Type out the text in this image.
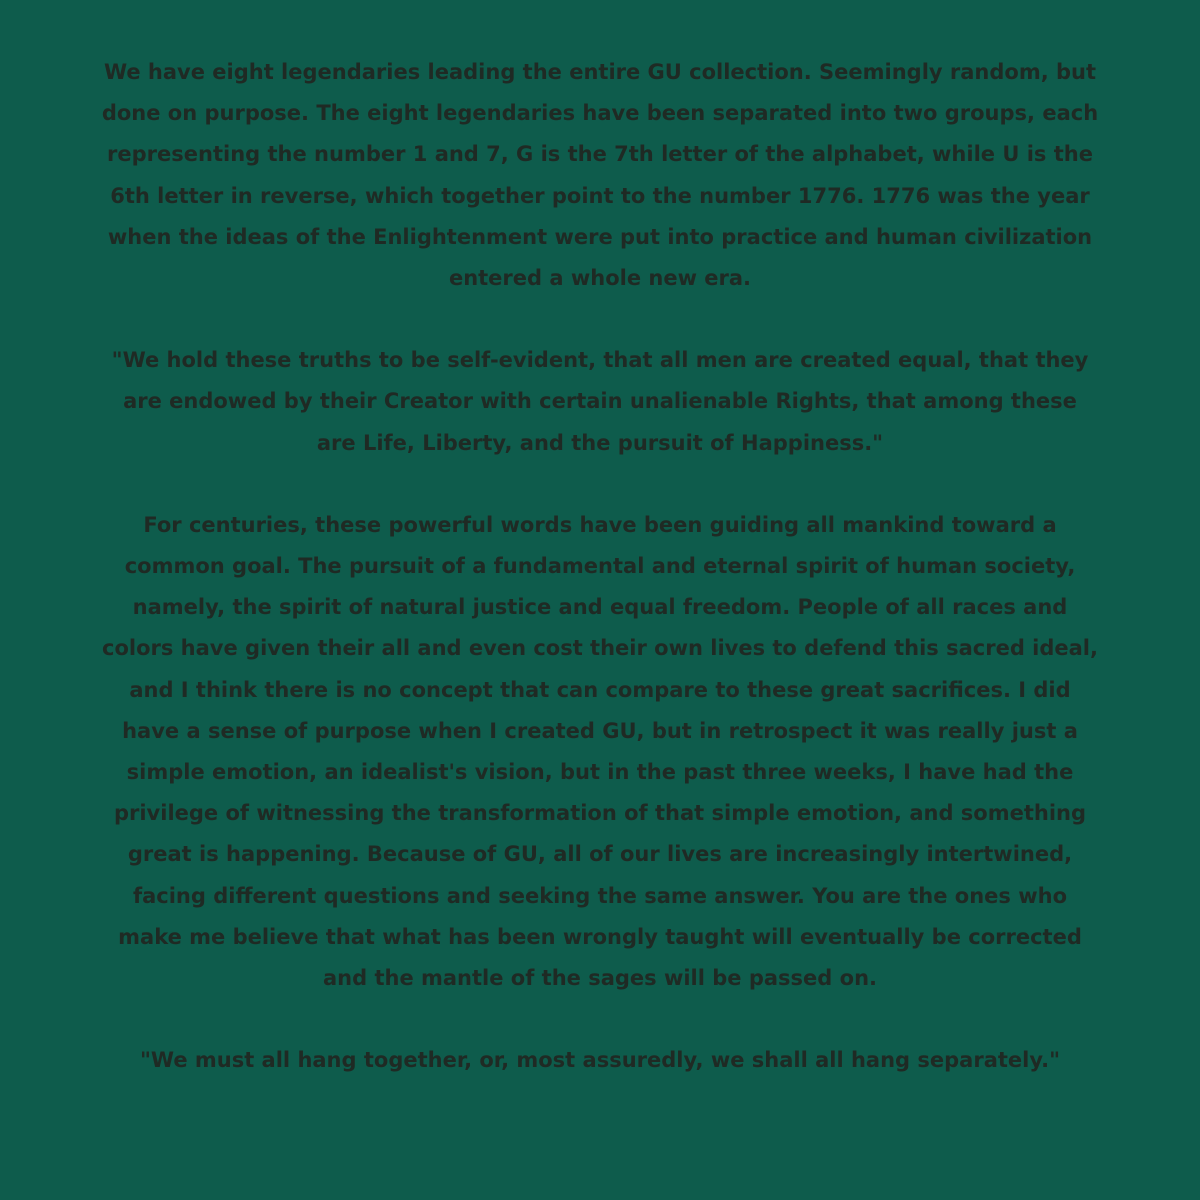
We have eight legendaries leading the entire GU collection. Seemingly random, but
done on purpose. The eight legendaries have been separated into two groups, each
representing the number 1 and 7, G is the 7th letter of the alphabet, while U is the
6th letter in reverse, which together point to the number 1776. 1776 was the year
when the ideas of the Enlightenment were put into practice and human civilization
entered a whole new era.

"We hold these truths to be self-evident, that all men are created equal, that they
are endowed by their Creator with certain unalienable Rights, that among these
are Life, Liberty, and the pursuit of Happiness."

For centuries, these powerful words have been guiding all mankind toward a
common goal. The pursuit of a fundamental and eternal spirit of human society,
namely, the spirit of natural justice and equal freedom. People of all races and
colors have given their all and even cost their own lives to defend this sacred ideal,
and I think there is no concept that can compare to these great sacrifices. I did
have a sense of purpose when I created GU, but in retrospect it was really just a
simple emotion, an idealist's vision, but in the past three weeks, I have had the
privilege of witnessing the transformation of that simple emotion, and something
great is happening. Because of GU, all of our lives are increasingly intertwined,
facing different questions and seeking the same answer. You are the ones who
make me believe that what has been wrongly taught will eventually be corrected
and the mantle of the sages will be passed on.

"We must all hang together, or, most assuredly, we shall all hang separately."
